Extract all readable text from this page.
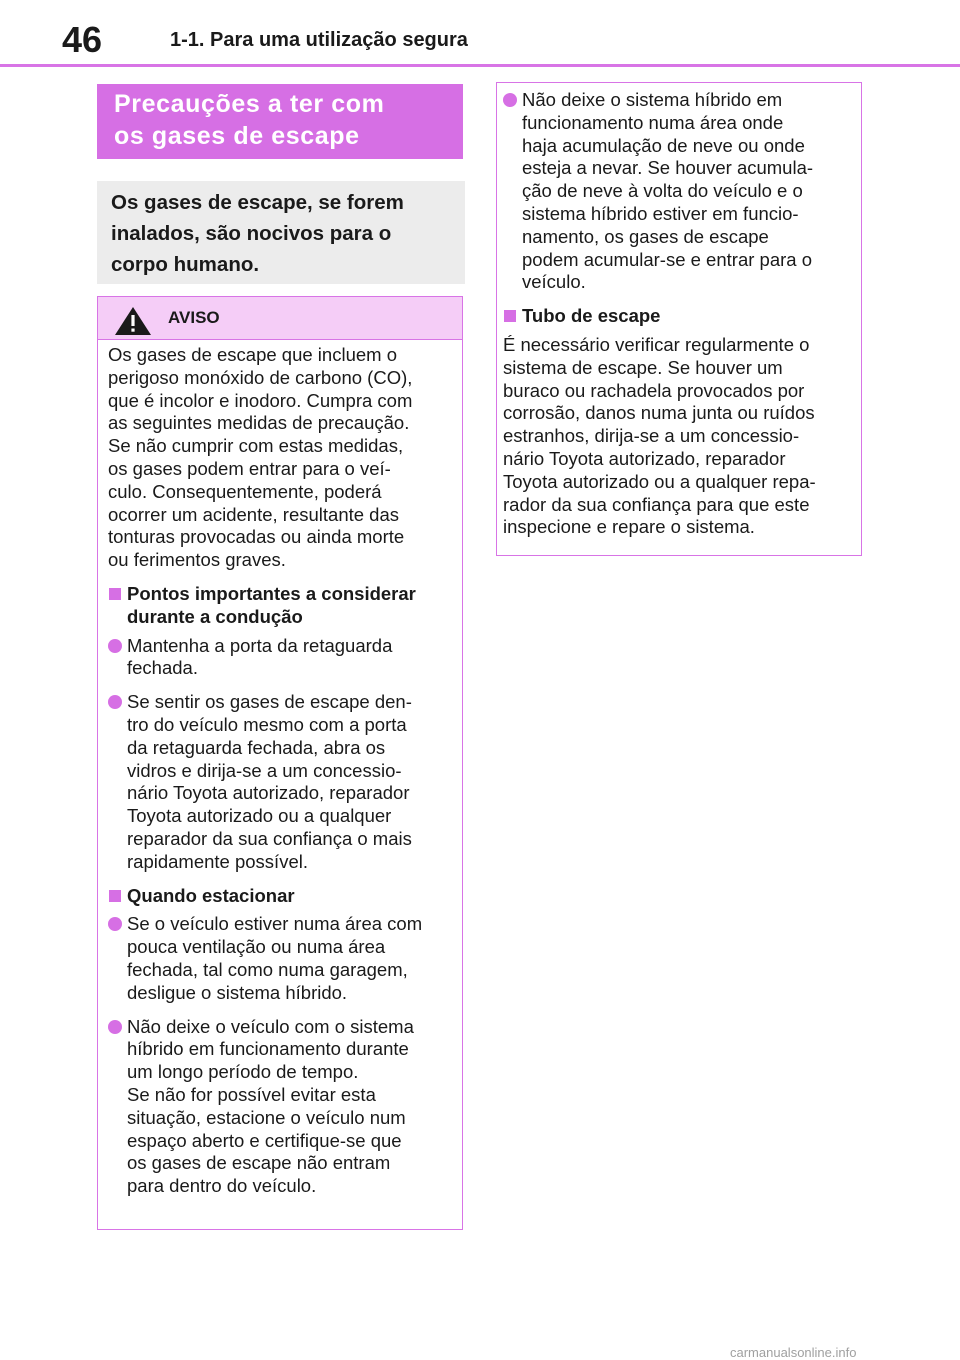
46	1-1. Para uma utilização segura
Precauções a ter com
os gases de escape
Os gases de escape, se forem
inalados, são nocivos para o
corpo humano.
AVISO
Os gases de escape que incluem o
perigoso monóxido de carbono (CO),
que é incolor e inodoro. Cumpra com
as seguintes medidas de precaução.
Se não cumprir com estas medidas,
os gases podem entrar para o veí-
culo. Consequentemente, poderá
ocorrer um acidente, resultante das
tonturas provocadas ou ainda morte
ou ferimentos graves.
Pontos importantes a considerar
durante a condução
Mantenha a porta da retaguarda
fechada.
Se sentir os gases de escape den-
tro do veículo mesmo com a porta
da retaguarda fechada, abra os
vidros e dirija-se a um concessio-
nário Toyota autorizado, reparador
Toyota autorizado ou a qualquer
reparador da sua confiança o mais
rapidamente possível.
Quando estacionar
Se o veículo estiver numa área com
pouca ventilação ou numa área
fechada, tal como numa garagem,
desligue o sistema híbrido.
Não deixe o veículo com o sistema
híbrido em funcionamento durante
um longo período de tempo.
Se não for possível evitar esta
situação, estacione o veículo num
espaço aberto e certifique-se que
os gases de escape não entram
para dentro do veículo.
Não deixe o sistema híbrido em
funcionamento numa área onde
haja acumulação de neve ou onde
esteja a nevar. Se houver acumula-
ção de neve à volta do veículo e o
sistema híbrido estiver em funcio-
namento, os gases de escape
podem acumular-se e entrar para o
veículo.
Tubo de escape
É necessário verificar regularmente o
sistema de escape. Se houver um
buraco ou rachadela provocados por
corrosão, danos numa junta ou ruídos
estranhos, dirija-se a um concessio-
nário Toyota autorizado, reparador
Toyota autorizado ou a qualquer repa-
rador da sua confiança para que este
inspecione e repare o sistema.
carmanualsonline.info
